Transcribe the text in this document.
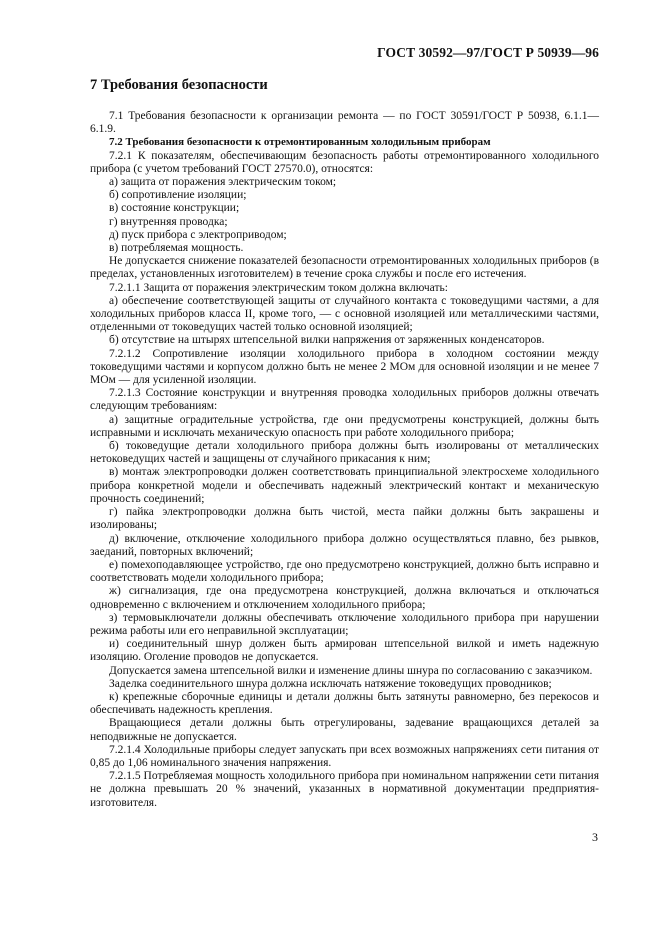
ГОСТ 30592—97/ГОСТ Р 50939—96
7 Требования безопасности

7.1 Требования безопасности к организации ремонта — по ГОСТ 30591/ГОСТ Р 50938, 6.1.1—6.1.9.

7.2 Требования безопасности к отремонтированным холодильным приборам

7.2.1 К показателям, обеспечивающим безопасность работы отремонтированного холодильного прибора (с учетом требований ГОСТ 27570.0), относятся:

а) защита от поражения электрическим током;

б) сопротивление изоляции;

в) состояние конструкции;

г) внутренняя проводка;

д) пуск прибора с электроприводом;

в) потребляемая мощность.

Не допускается снижение показателей безопасности отремонтированных холодильных приборов (в пределах, установленных изготовителем) в течение срока службы и после его истечения.

7.2.1.1 Защита от поражения электрическим током должна включать:

а) обеспечение соответствующей защиты от случайного контакта с токоведущими частями, а для холодильных приборов класса II, кроме того, — с основной изоляцией или металлическими частями, отделенными от токоведущих частей только основной изоляцией;

б) отсутствие на штырях штепсельной вилки напряжения от заряженных конденсаторов.

7.2.1.2 Сопротивление изоляции холодильного прибора в холодном состоянии между токоведущими частями и корпусом должно быть не менее 2 МОм для основной изоляции и не менее 7 МОм — для усиленной изоляции.

7.2.1.3 Состояние конструкции и внутренняя проводка холодильных приборов должны отвечать следующим требованиям:

а) защитные оградительные устройства, где они предусмотрены конструкцией, должны быть исправными и исключать механическую опасность при работе холодильного прибора;

б) токоведущие детали холодильного прибора должны быть изолированы от металлических нетоковедущих частей и защищены от случайного прикасания к ним;

в) монтаж электропроводки должен соответствовать принципиальной электросхеме холодильного прибора конкретной модели и обеспечивать надежный электрический контакт и механическую прочность соединений;

г) пайка электропроводки должна быть чистой, места пайки должны быть закрашены и изолированы;

д) включение, отключение холодильного прибора должно осуществляться плавно, без рывков, заеданий, повторных включений;

е) помехоподавляющее устройство, где оно предусмотрено конструкцией, должно быть исправно и соответствовать модели холодильного прибора;

ж) сигнализация, где она предусмотрена конструкцией, должна включаться и отключаться одновременно с включением и отключением холодильного прибора;

з) термовыключатели должны обеспечивать отключение холодильного прибора при нарушении режима работы или его неправильной эксплуатации;

и) соединительный шнур должен быть армирован штепсельной вилкой и иметь надежную изоляцию. Оголение проводов не допускается.

Допускается замена штепсельной вилки и изменение длины шнура по согласованию с заказчиком.

Заделка соединительного шнура должна исключать натяжение токоведущих проводников;

к) крепежные сборочные единицы и детали должны быть затянуты равномерно, без перекосов и обеспечивать надежность крепления.

Вращающиеся детали должны быть отрегулированы, задевание вращающихся деталей за неподвижные не допускается.

7.2.1.4 Холодильные приборы следует запускать при всех возможных напряжениях сети питания от 0,85 до 1,06 номинального значения напряжения.

7.2.1.5 Потребляемая мощность холодильного прибора при номинальном напряжении сети питания не должна превышать 20 % значений, указанных в нормативной документации предприятия-изготовителя.

3
